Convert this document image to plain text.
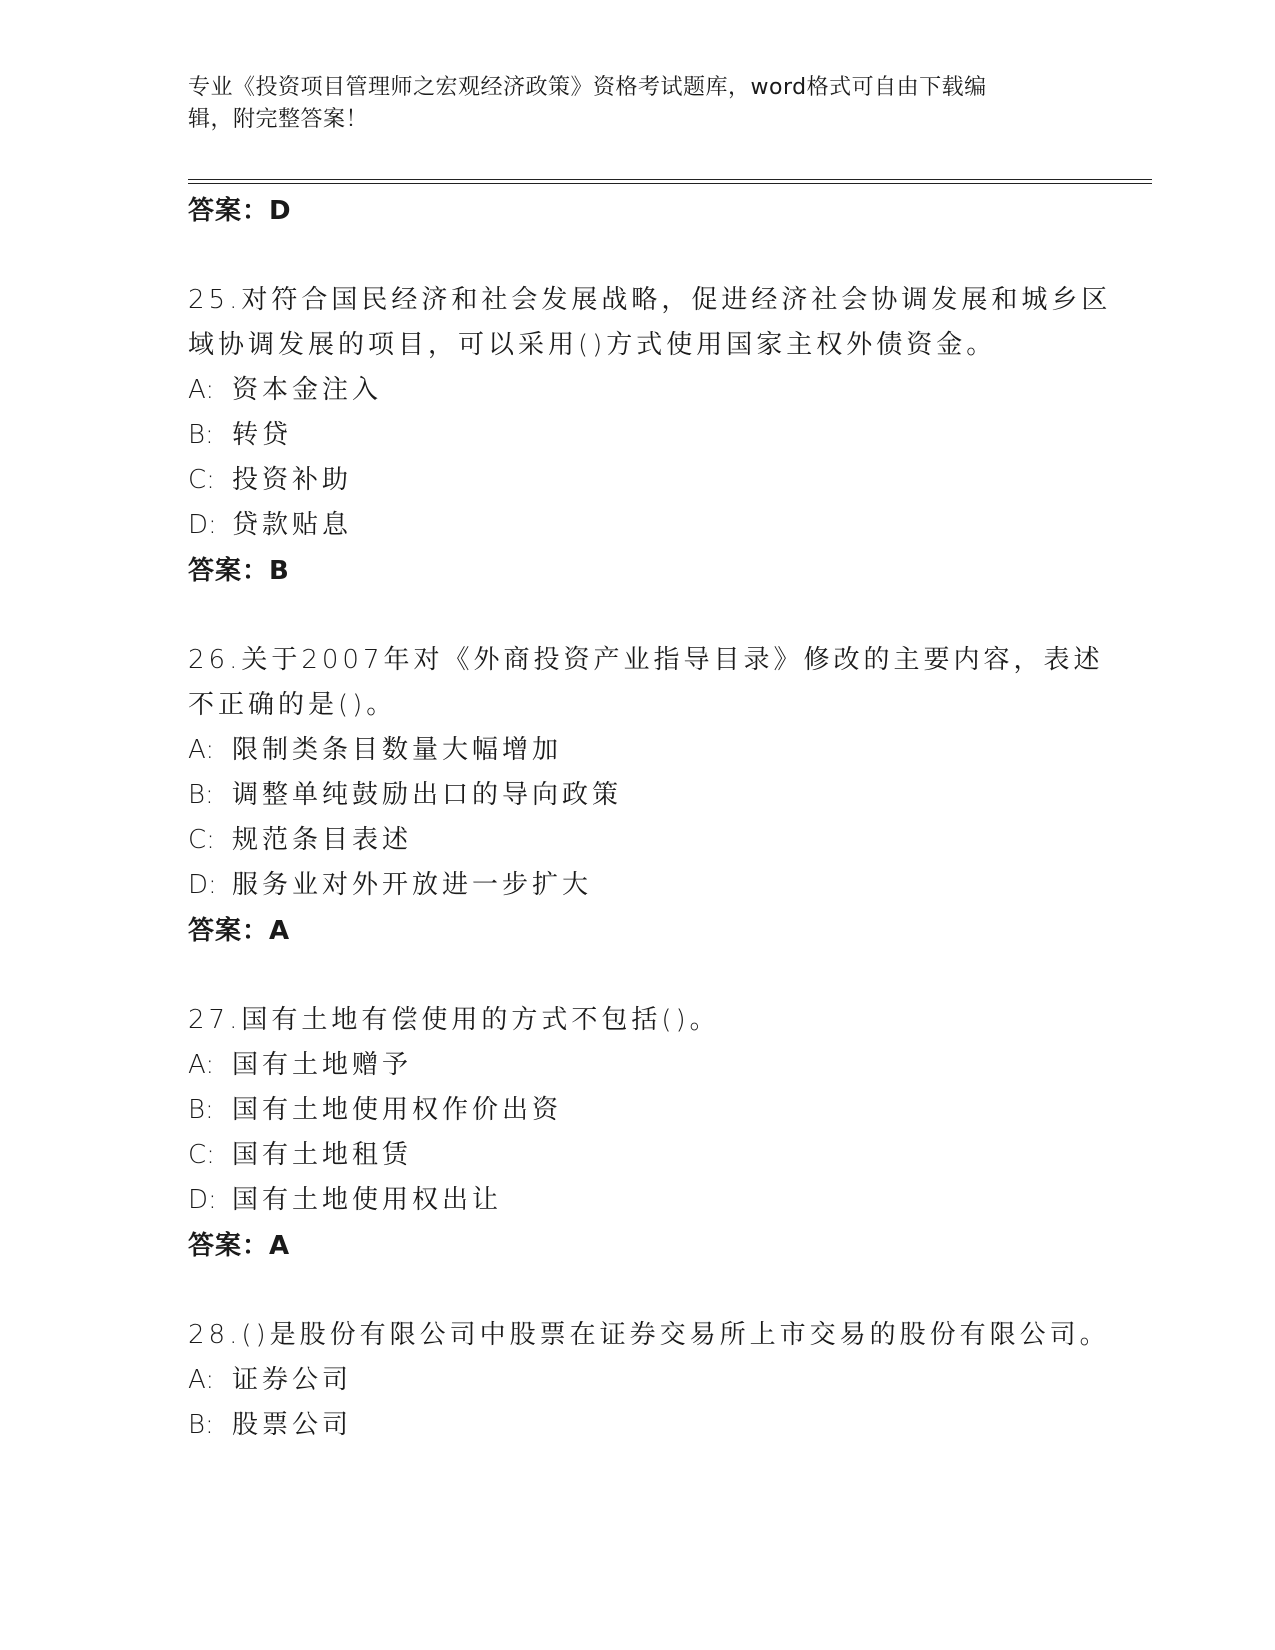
专业《投资项目管理师之宏观经济政策》资格考试题库，word格式可自由下载编
辑，附完整答案！
答案：D
25.对符合国民经济和社会发展战略，促进经济社会协调发展和城乡区
域协调发展的项目，可以采用()方式使用国家主权外债资金。
A: 资本金注入
B: 转贷
C: 投资补助
D: 贷款贴息
答案：B
26.关于2007年对《外商投资产业指导目录》修改的主要内容，表述
不正确的是()。
A: 限制类条目数量大幅增加
B: 调整单纯鼓励出口的导向政策
C: 规范条目表述
D: 服务业对外开放进一步扩大
答案：A
27.国有土地有偿使用的方式不包括()。
A: 国有土地赠予
B: 国有土地使用权作价出资
C: 国有土地租赁
D: 国有土地使用权出让
答案：A
28.()是股份有限公司中股票在证券交易所上市交易的股份有限公司。
A: 证券公司
B: 股票公司
